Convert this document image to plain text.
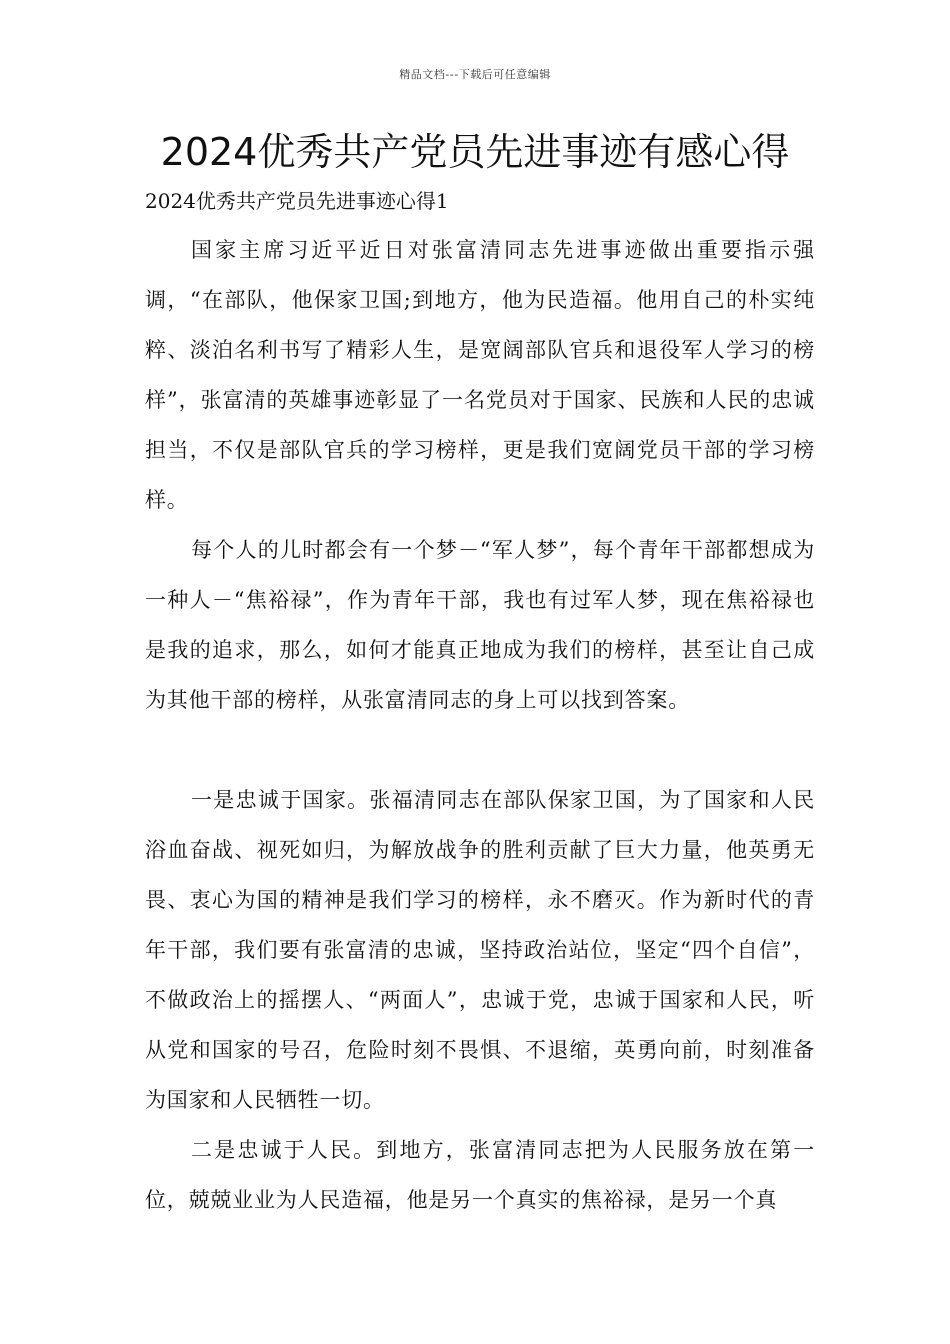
精品文档---下载后可任意编辑
2024优秀共产党员先进事迹有感心得
2024优秀共产党员先进事迹心得1

国家主席习近平近日对张富清同志先进事迹做出重要指示强调，“在部队，他保家卫国;到地方，他为民造福。他用自己的朴实纯粹、淡泊名利书写了精彩人生，是宽阔部队官兵和退役军人学习的榜样”，张富清的英雄事迹彰显了一名党员对于国家、民族和人民的忠诚担当，不仅是部队官兵的学习榜样，更是我们宽阔党员干部的学习榜样。

每个人的儿时都会有一个梦－“军人梦”，每个青年干部都想成为一种人－“焦裕禄”，作为青年干部，我也有过军人梦，现在焦裕禄也是我的追求，那么，如何才能真正地成为我们的榜样，甚至让自己成为其他干部的榜样，从张富清同志的身上可以找到答案。

一是忠诚于国家。张福清同志在部队保家卫国，为了国家和人民浴血奋战、视死如归，为解放战争的胜利贡献了巨大力量，他英勇无畏、衷心为国的精神是我们学习的榜样，永不磨灭。作为新时代的青年干部，我们要有张富清的忠诚，坚持政治站位，坚定“四个自信”，不做政治上的摇摆人、“两面人”，忠诚于党，忠诚于国家和人民，听从党和国家的号召，危险时刻不畏惧、不退缩，英勇向前，时刻准备为国家和人民牺牲一切。

二是忠诚于人民。到地方，张富清同志把为人民服务放在第一位，兢兢业业为人民造福，他是另一个真实的焦裕禄，是另一个真
